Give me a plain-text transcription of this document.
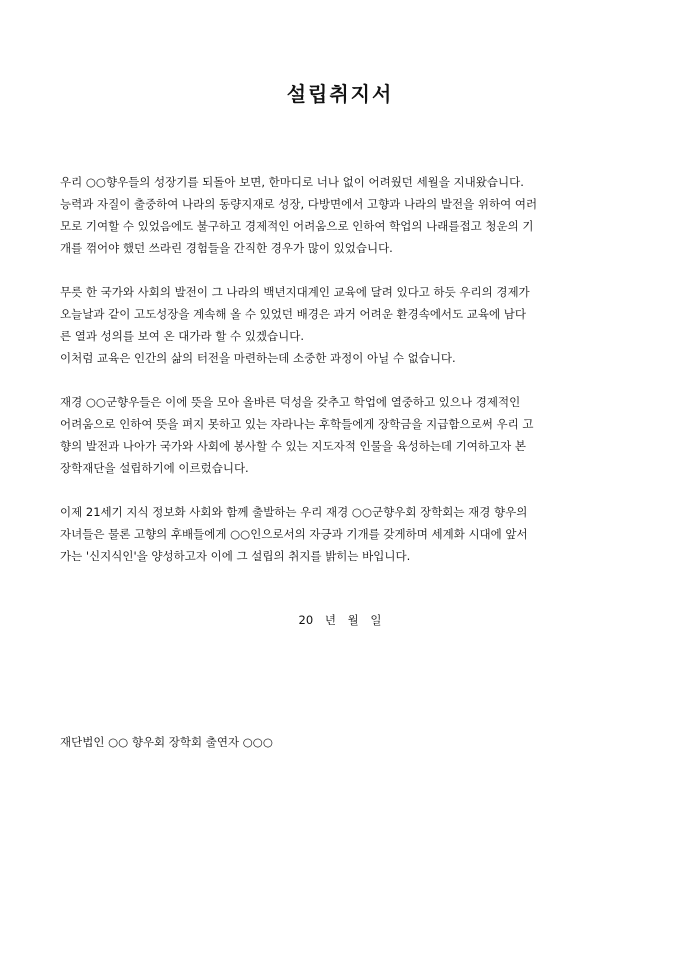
설립취지서

우리 ○○향우들의 성장기를 되돌아 보면, 한마디로 너나 없이 어려웠던 세월을 지내왔습니다.
능력과 자질이 출중하여 나라의 동량지재로 성장, 다방면에서 고향과 나라의 발전을 위하여 여러
모로 기여할 수 있었음에도 불구하고 경제적인 어려움으로 인하여 학업의 나래를접고 청운의 기
개를 꺾어야 했던 쓰라린 경험들을 간직한 경우가 많이 있었습니다.

무릇 한 국가와 사회의 발전이 그 나라의 백년지대계인 교육에 달려 있다고 하듯 우리의 경제가
오늘날과 같이 고도성장을 계속해 올 수 있었던 배경은 과거 어려운 환경속에서도 교육에 남다
른 열과 성의를 보여 온 대가라 할 수 있겠습니다.
이처럼 교육은 인간의 삶의 터전을 마련하는데 소중한 과정이 아닐 수 없습니다.

재경 ○○군향우들은 이에 뜻을 모아 올바른 덕성을 갖추고 학업에 열중하고 있으나 경제적인
어려움으로 인하여 뜻을 펴지 못하고 있는 자라나는 후학들에게 장학금을 지급함으로써 우리 고
향의 발전과 나아가 국가와 사회에 봉사할 수 있는 지도자적 인물을 육성하는데 기여하고자 본
장학재단을 설립하기에 이르렀습니다.

이제 21세기 지식 정보화 사회와 함께 출발하는 우리 재경 ○○군향우회 장학회는 재경 향우의
자녀들은 물론 고향의 후배들에게 ○○인으로서의 자긍과 기개를 갖게하며 세계화 시대에 앞서
가는 '신지식인'을 양성하고자 이에 그 설립의 취지를 밝히는 바입니다.

20 년 월 일
재단법인 ○○ 향우회 장학회 출연자 ○○○
